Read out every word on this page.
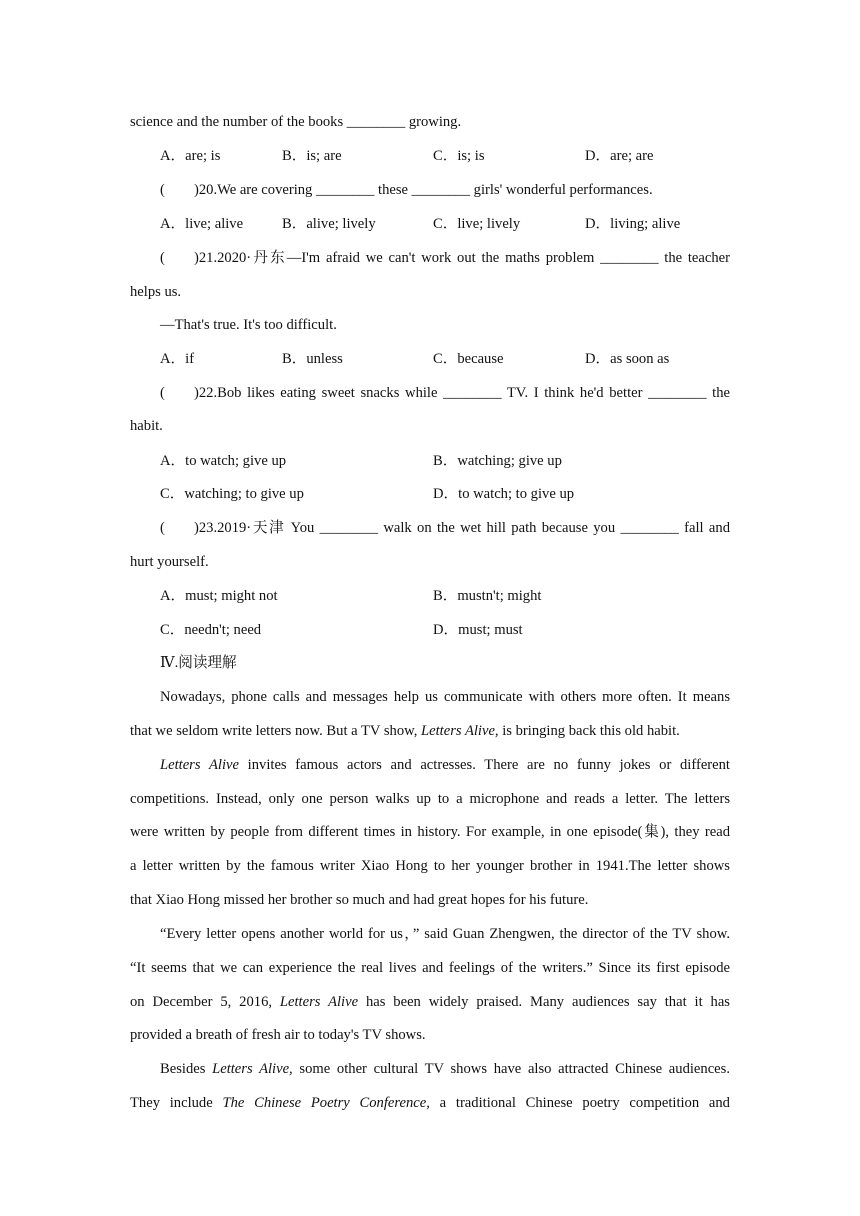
science and the number of the books ________ growing.
A．are; is	B．is; are	C．is; is	D．are; are
( )20.We are covering ________ these ________ girls' wonderful performances.
A．live; alive	B．alive; lively	C．live; lively	D．living; alive
( )21.2020·丹东—I'm afraid we can't work out the maths problem ________ the teacher
helps us.
—That's true. It's too difficult.
A．if	B．unless	C．because	D．as soon as
( )22.Bob likes eating sweet snacks while ________ TV. I think he'd better ________ the
habit.
A．to watch; give up	B．watching; give up
C．watching; to give up	D．to watch; to give up
( )23.2019·天津 You ________ walk on the wet hill path because you ________ fall and
hurt yourself.
A．must; might not	B．mustn't; might
C．needn't; need	D．must; must
Ⅳ.阅读理解
Nowadays, phone calls and messages help us communicate with others more often. It means
that we seldom write letters now. But a TV show, Letters Alive, is bringing back this old habit.
Letters Alive invites famous actors and actresses. There are no funny jokes or different
competitions. Instead, only one person walks up to a microphone and reads a letter. The letters
were written by people from different times in history. For example, in one episode(集), they read
a letter written by the famous writer Xiao Hong to her younger brother in 1941.The letter shows
that Xiao Hong missed her brother so much and had great hopes for his future.
“Every letter opens another world for us，” said Guan Zhengwen, the director of the TV show.
“It seems that we can experience the real lives and feelings of the writers.” Since its first episode
on December 5, 2016, Letters Alive has been widely praised. Many audiences say that it has
provided a breath of fresh air to today's TV shows.
Besides Letters Alive, some other cultural TV shows have also attracted Chinese audiences.
They include The Chinese Poetry Conference, a traditional Chinese poetry competition and
